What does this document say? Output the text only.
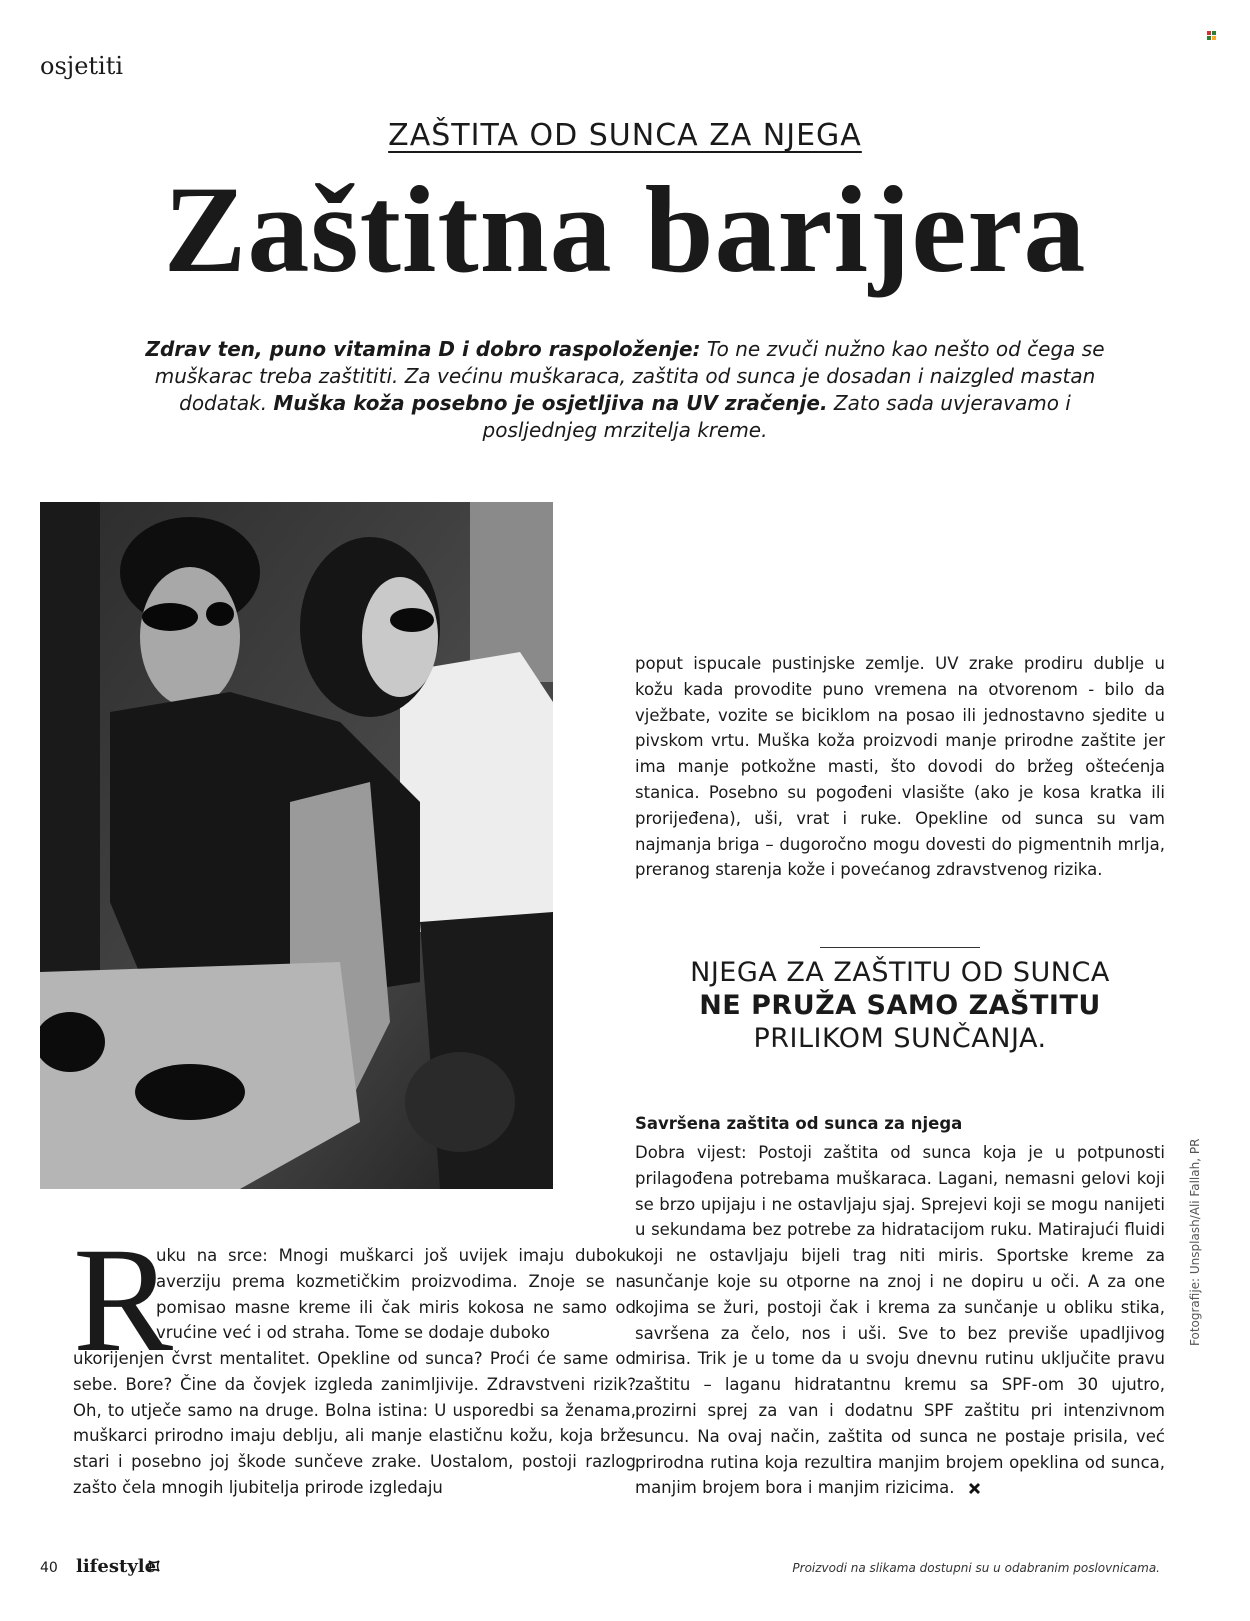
osjetiti
ZAŠTITA OD SUNCA ZA NJEGA
Zaštitna barijera
Zdrav ten, puno vitamina D i dobro raspoloženje: To ne zvuči nužno kao nešto od čega se muškarac treba zaštititi. Za većinu muškaraca, zaštita od sunca je dosadan i naizgled mastan dodatak. Muška koža posebno je osjetljiva na UV zračenje. Zato sada uvjeravamo i posljednjeg mrzitelja kreme.
poput ispucale pustinjske zemlje. UV zrake prodiru dublje u kožu kada provodite puno vremena na otvorenom - bilo da vježbate, vozite se biciklom na posao ili jednostavno sjedite u pivskom vrtu. Muška koža proizvodi manje prirodne zaštite jer ima manje potkožne masti, što dovodi do bržeg oštećenja stanica. Posebno su pogođeni vlasište (ako je kosa kratka ili prorijeđena), uši, vrat i ruke. Opekline od sunca su vam najmanja briga – dugoročno mogu dovesti do pigmentnih mrlja, preranog starenja kože i povećanog zdravstvenog rizika.
NJEGA ZA ZAŠTITU OD SUNCA
NE PRUŽA SAMO ZAŠTITU
PRILIKOM SUNČANJA.
Savršena zaštita od sunca za njega
Dobra vijest: Postoji zaštita od sunca koja je u potpunosti prilagođena potrebama muškaraca. Lagani, nemasni gelovi koji se brzo upijaju i ne ostavljaju sjaj. Sprejevi koji se mogu nanijeti u sekundama bez potrebe za hidratacijom ruku. Matirajući fluidi koji ne ostavljaju bijeli trag niti miris. Sportske kreme za sunčanje koje su otporne na znoj i ne dopiru u oči. A za one kojima se žuri, postoji čak i krema za sunčanje u obliku stika, savršena za čelo, nos i uši. Sve to bez previše upadljivog mirisa. Trik je u tome da u svoju dnevnu rutinu uključite pravu zaštitu – laganu hidratantnu kremu sa SPF-om 30 ujutro, prozirni sprej za van i dodatnu SPF zaštitu pri intenzivnom suncu. Na ovaj način, zaštita od sunca ne postaje prisila, već prirodna rutina koja rezultira manjim brojem opeklina od sunca, manjim brojem bora i manjim rizicima.
R
uku na srce: Mnogi muškarci još uvijek imaju duboku averziju prema kozmetičkim proizvodima. Znoje se na pomisao masne kreme ili čak miris kokosa ne samo od vrućine već i od straha. Tome se dodaje duboko
ukorijenjen čvrst mentalitet. Opekline od sunca? Proći će same od sebe. Bore? Čine da čovjek izgleda zanimljivije. Zdravstveni rizik? Oh, to utječe samo na druge. Bolna istina: U usporedbi sa ženama, muškarci prirodno imaju deblju, ali manje elastičnu kožu, koja brže stari i posebno joj škode sunčeve zrake. Uostalom, postoji razlog zašto čela mnogih ljubitelja prirode izgledaju
Fotografije: Unsplash/Ali Fallah, PR
40 lifestyle	Proizvodi na slikama dostupni su u odabranim poslovnicama.
